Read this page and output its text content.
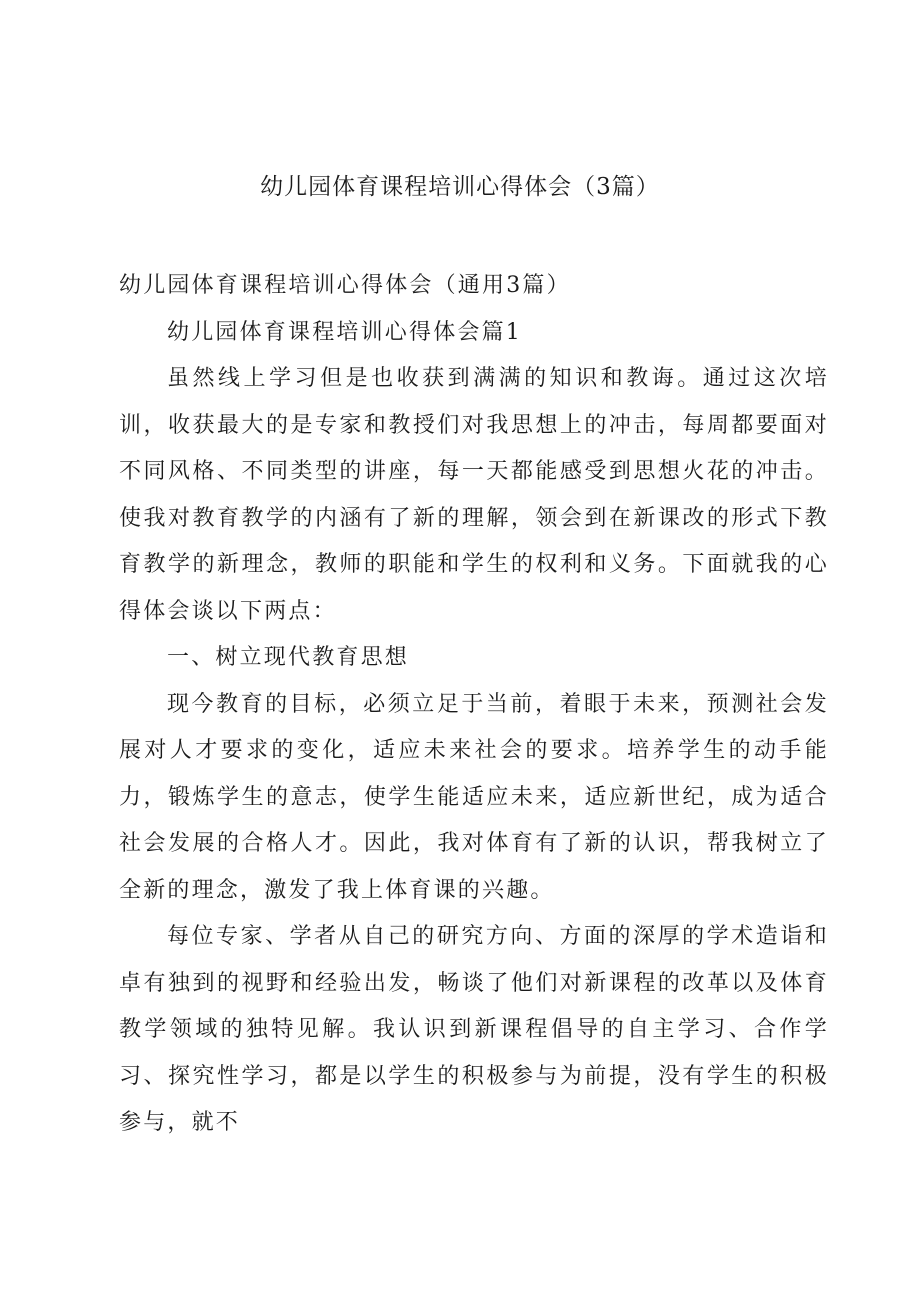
幼儿园体育课程培训心得体会（3篇）

幼儿园体育课程培训心得体会（通用3篇）

幼儿园体育课程培训心得体会篇1

虽然线上学习但是也收获到满满的知识和教诲。通过这次培训，收获最大的是专家和教授们对我思想上的冲击，每周都要面对不同风格、不同类型的讲座，每一天都能感受到思想火花的冲击。使我对教育教学的内涵有了新的理解，领会到在新课改的形式下教育教学的新理念，教师的职能和学生的权利和义务。下面就我的心得体会谈以下两点：

一、树立现代教育思想

现今教育的目标，必须立足于当前，着眼于未来，预测社会发展对人才要求的变化，适应未来社会的要求。培养学生的动手能力，锻炼学生的意志，使学生能适应未来，适应新世纪，成为适合社会发展的合格人才。因此，我对体育有了新的认识，帮我树立了全新的理念，激发了我上体育课的兴趣。

每位专家、学者从自己的研究方向、方面的深厚的学术造诣和卓有独到的视野和经验出发，畅谈了他们对新课程的改革以及体育教学领域的独特见解。我认识到新课程倡导的自主学习、合作学习、探究性学习，都是以学生的积极参与为前提，没有学生的积极参与，就不
